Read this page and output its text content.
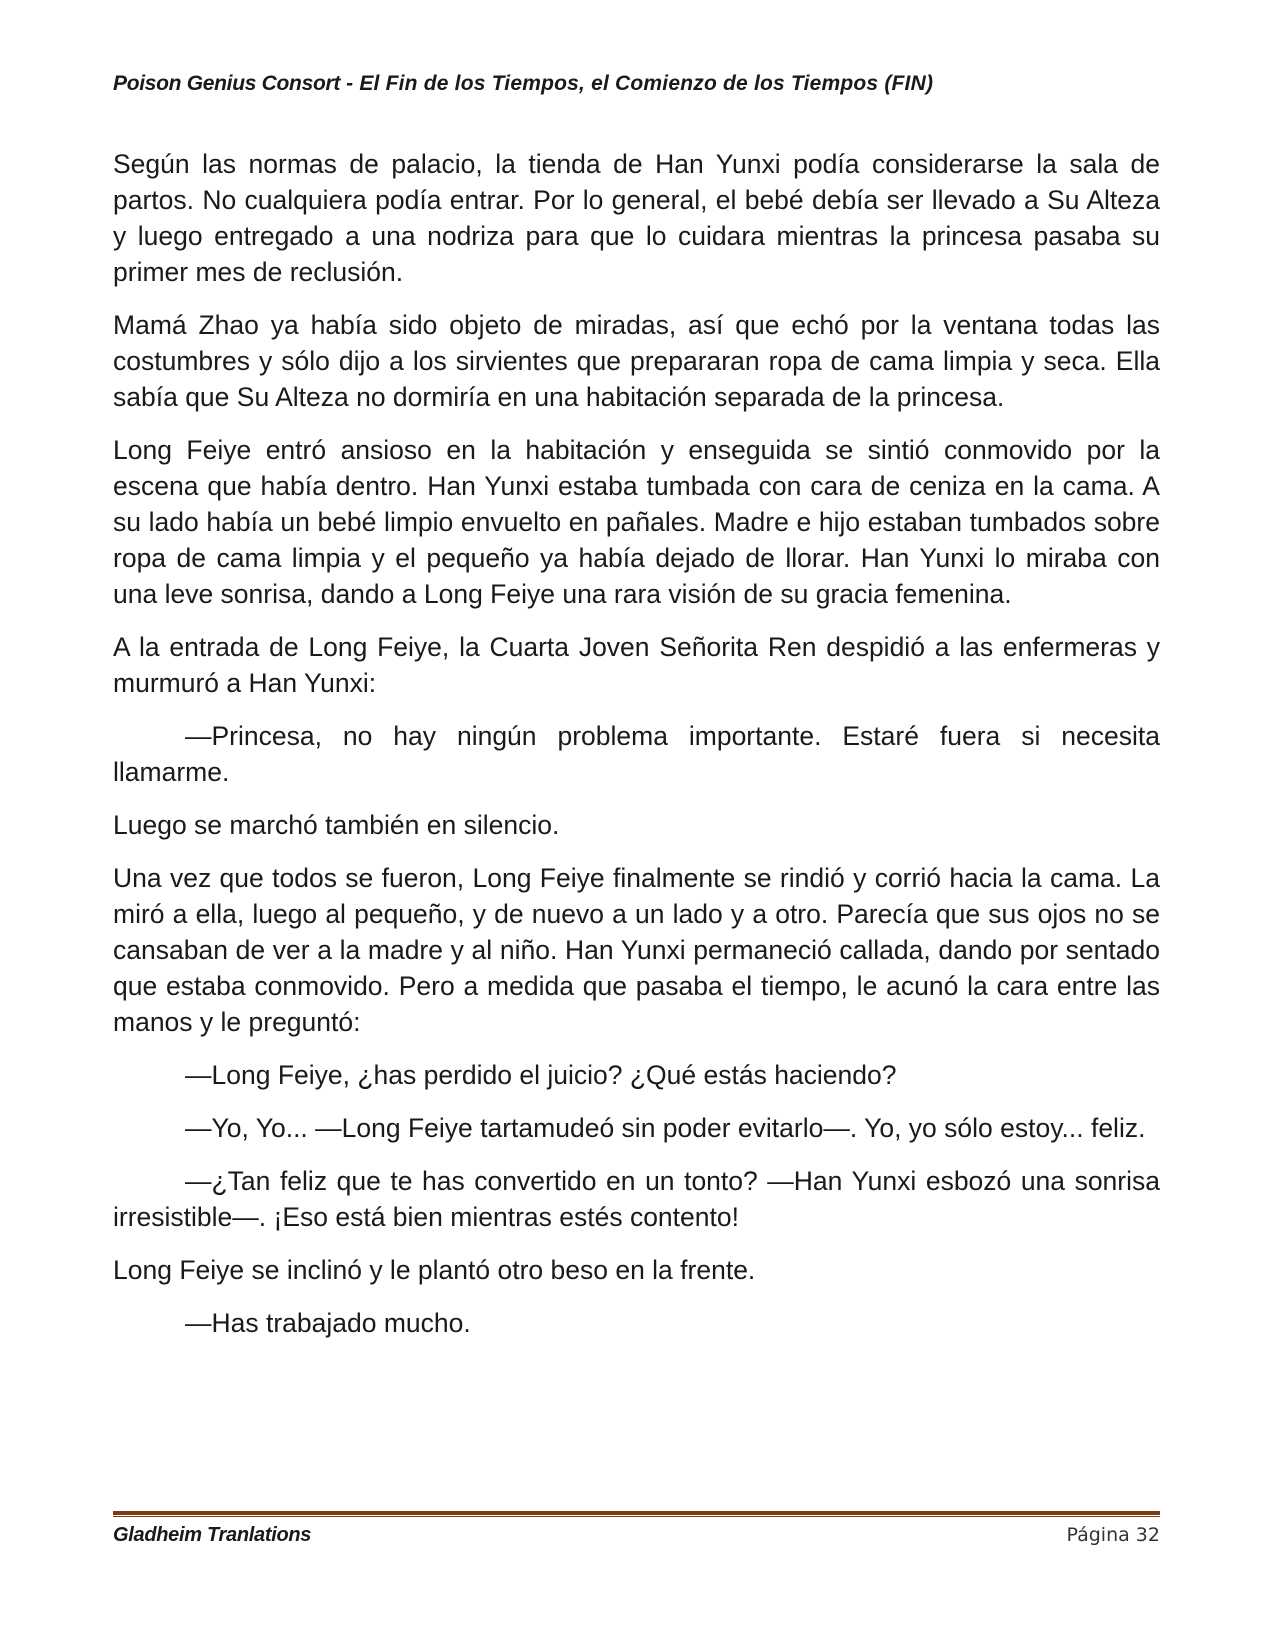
Poison Genius Consort - El Fin de los Tiempos, el Comienzo de los Tiempos (FIN)

Según las normas de palacio, la tienda de Han Yunxi podía considerarse la sala de partos. No cualquiera podía entrar. Por lo general, el bebé debía ser llevado a Su Alteza y luego entregado a una nodriza para que lo cuidara mientras la princesa pasaba su primer mes de reclusión.

Mamá Zhao ya había sido objeto de miradas, así que echó por la ventana todas las costumbres y sólo dijo a los sirvientes que prepararan ropa de cama limpia y seca. Ella sabía que Su Alteza no dormiría en una habitación separada de la princesa.

Long Feiye entró ansioso en la habitación y enseguida se sintió conmovido por la escena que había dentro. Han Yunxi estaba tumbada con cara de ceniza en la cama. A su lado había un bebé limpio envuelto en pañales. Madre e hijo estaban tumbados sobre ropa de cama limpia y el pequeño ya había dejado de llorar. Han Yunxi lo miraba con una leve sonrisa, dando a Long Feiye una rara visión de su gracia femenina.

A la entrada de Long Feiye, la Cuarta Joven Señorita Ren despidió a las enfermeras y murmuró a Han Yunxi:

—Princesa, no hay ningún problema importante. Estaré fuera si necesita llamarme.

Luego se marchó también en silencio.

Una vez que todos se fueron, Long Feiye finalmente se rindió y corrió hacia la cama. La miró a ella, luego al pequeño, y de nuevo a un lado y a otro. Parecía que sus ojos no se cansaban de ver a la madre y al niño. Han Yunxi permaneció callada, dando por sentado que estaba conmovido. Pero a medida que pasaba el tiempo, le acunó la cara entre las manos y le preguntó:

—Long Feiye, ¿has perdido el juicio? ¿Qué estás haciendo?

—Yo, Yo... —Long Feiye tartamudeó sin poder evitarlo—. Yo, yo sólo estoy... feliz.

—¿Tan feliz que te has convertido en un tonto? —Han Yunxi esbozó una sonrisa irresistible—. ¡Eso está bien mientras estés contento!

Long Feiye se inclinó y le plantó otro beso en la frente.

—Has trabajado mucho.

Gladheim Tranlations	Página 32
